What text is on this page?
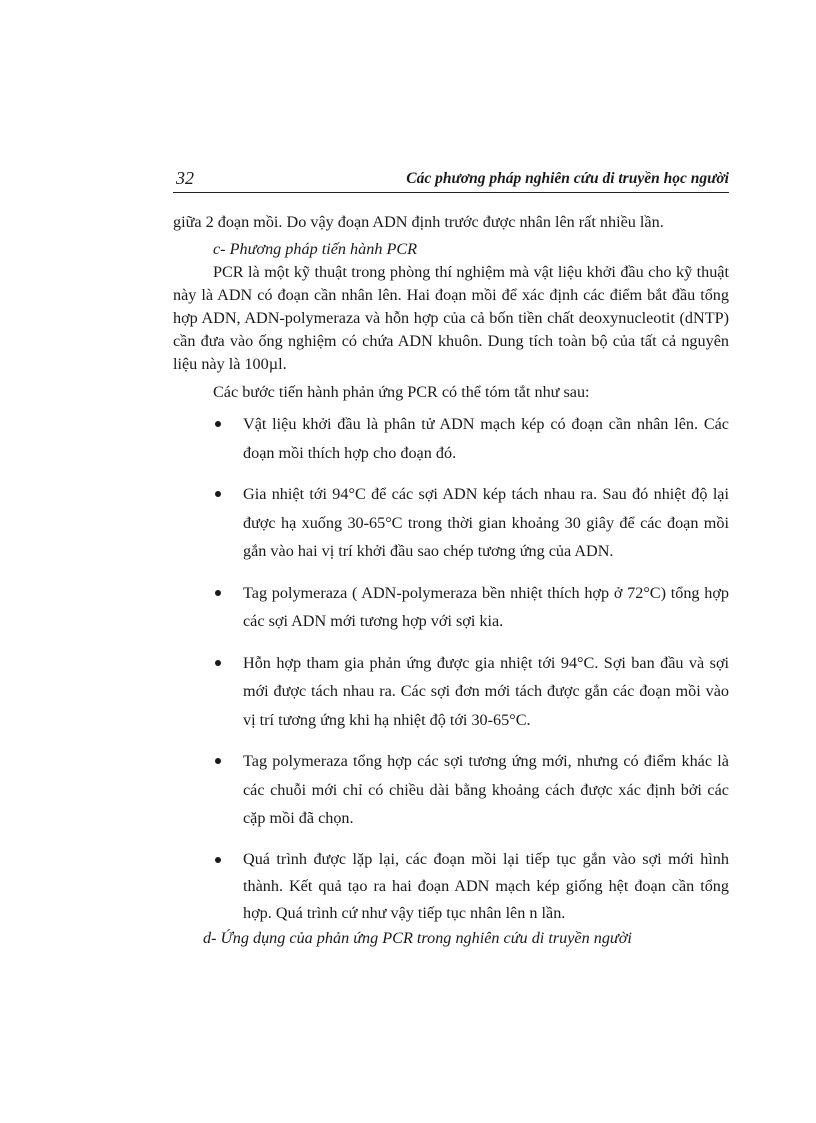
32	Các phương pháp nghiên cứu di truyền học người

giữa 2 đoạn mồi. Do vậy đoạn ADN định trước được nhân lên rất nhiều lần.

c- Phương pháp tiến hành PCR

PCR là một kỹ thuật trong phòng thí nghiệm mà vật liệu khởi đầu cho kỹ thuật này là ADN có đoạn cần nhân lên. Hai đoạn mồi để xác định các điểm bắt đầu tổng hợp ADN, ADN-polymeraza và hỗn hợp của cả bốn tiền chất deoxynucleotit (dNTP) cần đưa vào ống nghiệm có chứa ADN khuôn. Dung tích toàn bộ của tất cả nguyên liệu này là 100µl.

Các bước tiến hành phản ứng PCR có thể tóm tắt như sau:

Vật liệu khởi đầu là phân tử ADN mạch kép có đoạn cần nhân lên. Các đoạn mồi thích hợp cho đoạn đó.
Gia nhiệt tới 94°C để các sợi ADN kép tách nhau ra. Sau đó nhiệt độ lại được hạ xuống 30-65°C trong thời gian khoảng 30 giây để các đoạn mồi gắn vào hai vị trí khởi đầu sao chép tương ứng của ADN.
Tag polymeraza ( ADN-polymeraza bền nhiệt thích hợp ở 72°C) tổng hợp các sợi ADN mới tương hợp với sợi kia.
Hỗn hợp tham gia phản ứng được gia nhiệt tới 94°C. Sợi ban đầu và sợi mới được tách nhau ra. Các sợi đơn mới tách được gắn các đoạn mồi vào vị trí tương ứng khi hạ nhiệt độ tới 30-65°C.
Tag polymeraza tổng hợp các sợi tương ứng mới, nhưng có điểm khác là các chuỗi mới chỉ có chiều dài bằng khoảng cách được xác định bởi các cặp mồi đã chọn.
Quá trình được lặp lại, các đoạn mồi lại tiếp tục gắn vào sợi mới hình thành. Kết quả tạo ra hai đoạn ADN mạch kép giống hệt đoạn cần tổng hợp. Quá trình cứ như vậy tiếp tục nhân lên n lần.

d- Ứng dụng của phản ứng PCR trong nghiên cứu di truyền người
